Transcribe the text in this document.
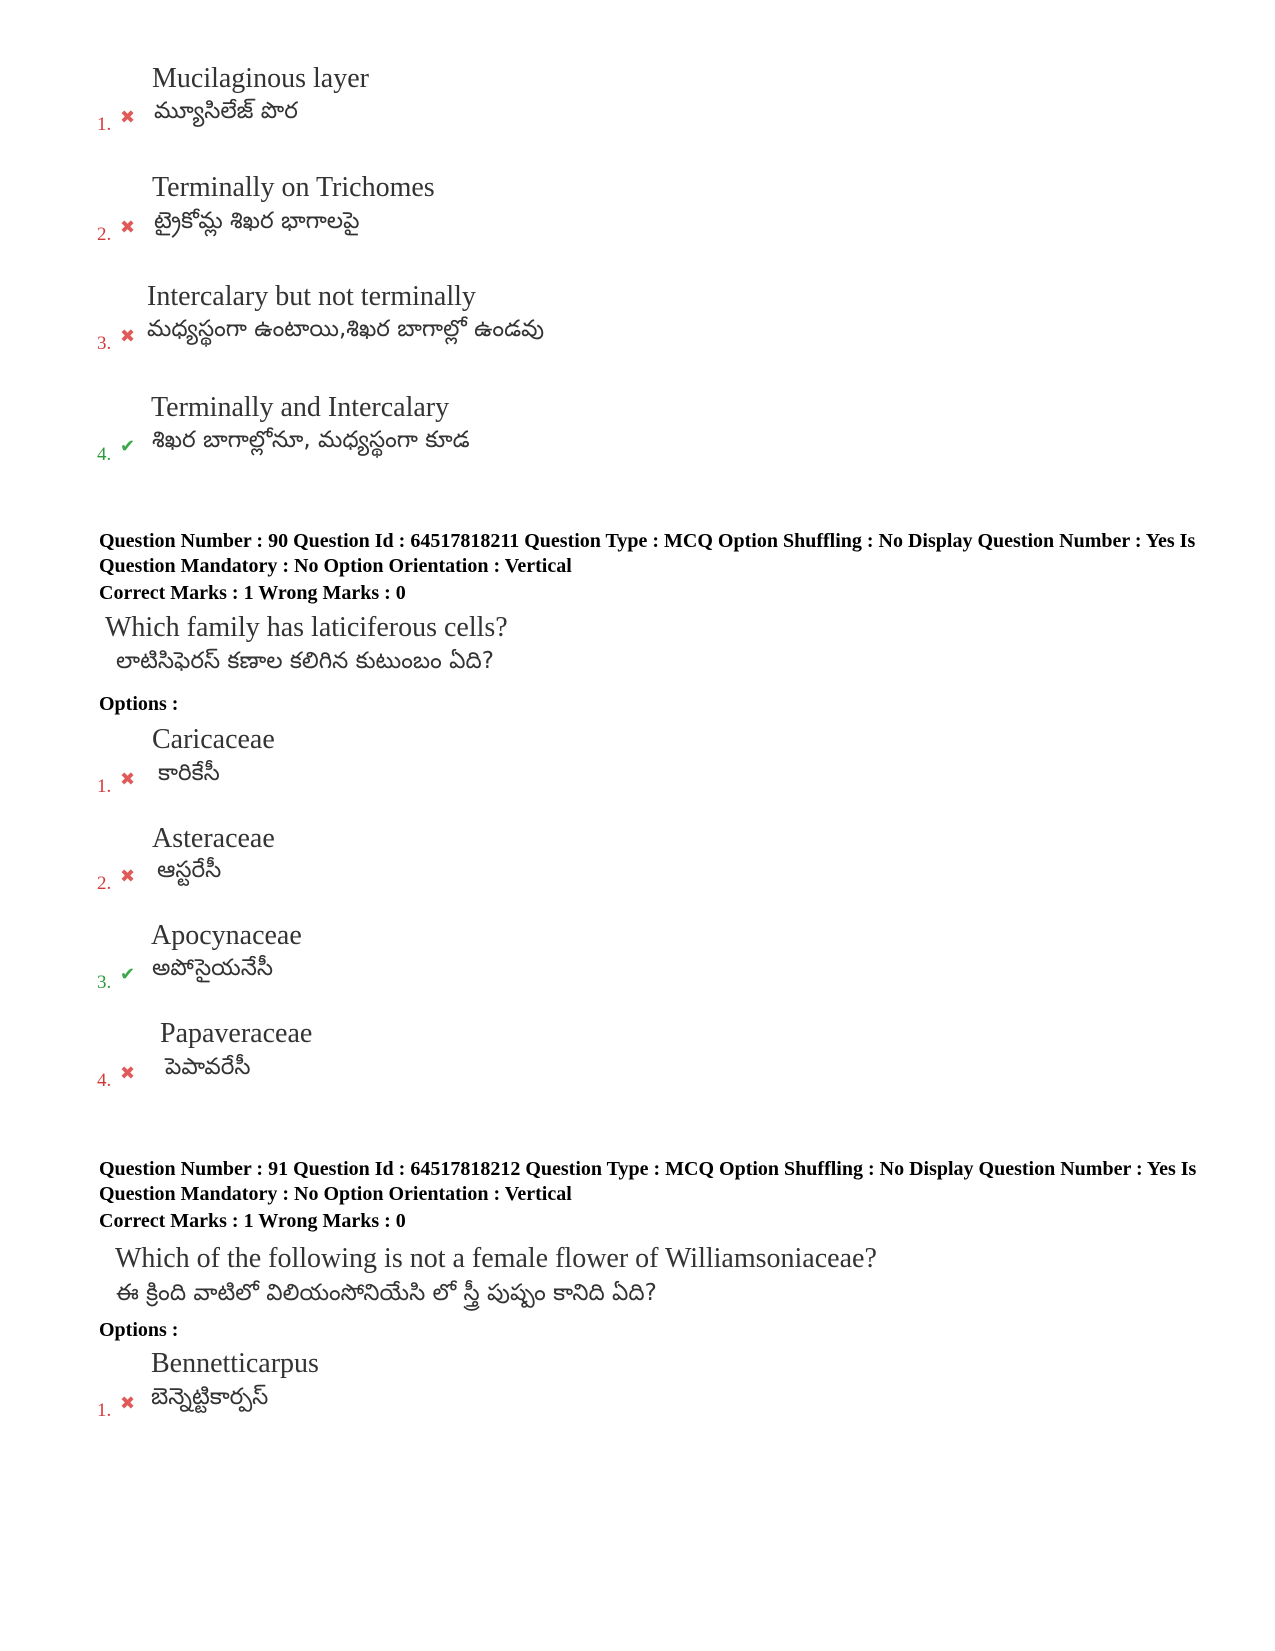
1. ✖
Mucilaginous layer
మ్యూసిలేజ్ పొర
2. ✖
Terminally on Trichomes
ట్రైకోమ్ల శిఖర భాగాలపై
3. ✖
Intercalary but not terminally
మధ్యస్థంగా ఉంటాయి,శిఖర బాగాల్లో ఉండవు
4. ✔
Terminally and Intercalary
శిఖర బాగాల్లోనూ, మధ్యస్థంగా కూడ
Question Number : 90 Question Id : 64517818211 Question Type : MCQ Option Shuffling : No Display Question Number : Yes Is Question Mandatory : No Option Orientation : Vertical
Correct Marks : 1 Wrong Marks : 0
Which family has laticiferous cells?
లాటిసిఫెరస్ కణాల కలిగిన కుటుంబం ఏది?
Options :
1. ✖
Caricaceae
కారికేసీ
2. ✖
Asteraceae
ఆస్టరేసీ
3. ✔
Apocynaceae
అపోసైయనేసీ
4. ✖
Papaveraceae
పెపావరేసీ
Question Number : 91 Question Id : 64517818212 Question Type : MCQ Option Shuffling : No Display Question Number : Yes Is Question Mandatory : No Option Orientation : Vertical
Correct Marks : 1 Wrong Marks : 0
Which of the following is not a female flower of Williamsoniaceae?
ఈ క్రింది వాటిలో విలియంసోనియేసి లో స్త్రీ పుష్పం కానిది ఏది?
Options :
1. ✖
Bennetticarpus
బెన్నెట్టికార్పస్
